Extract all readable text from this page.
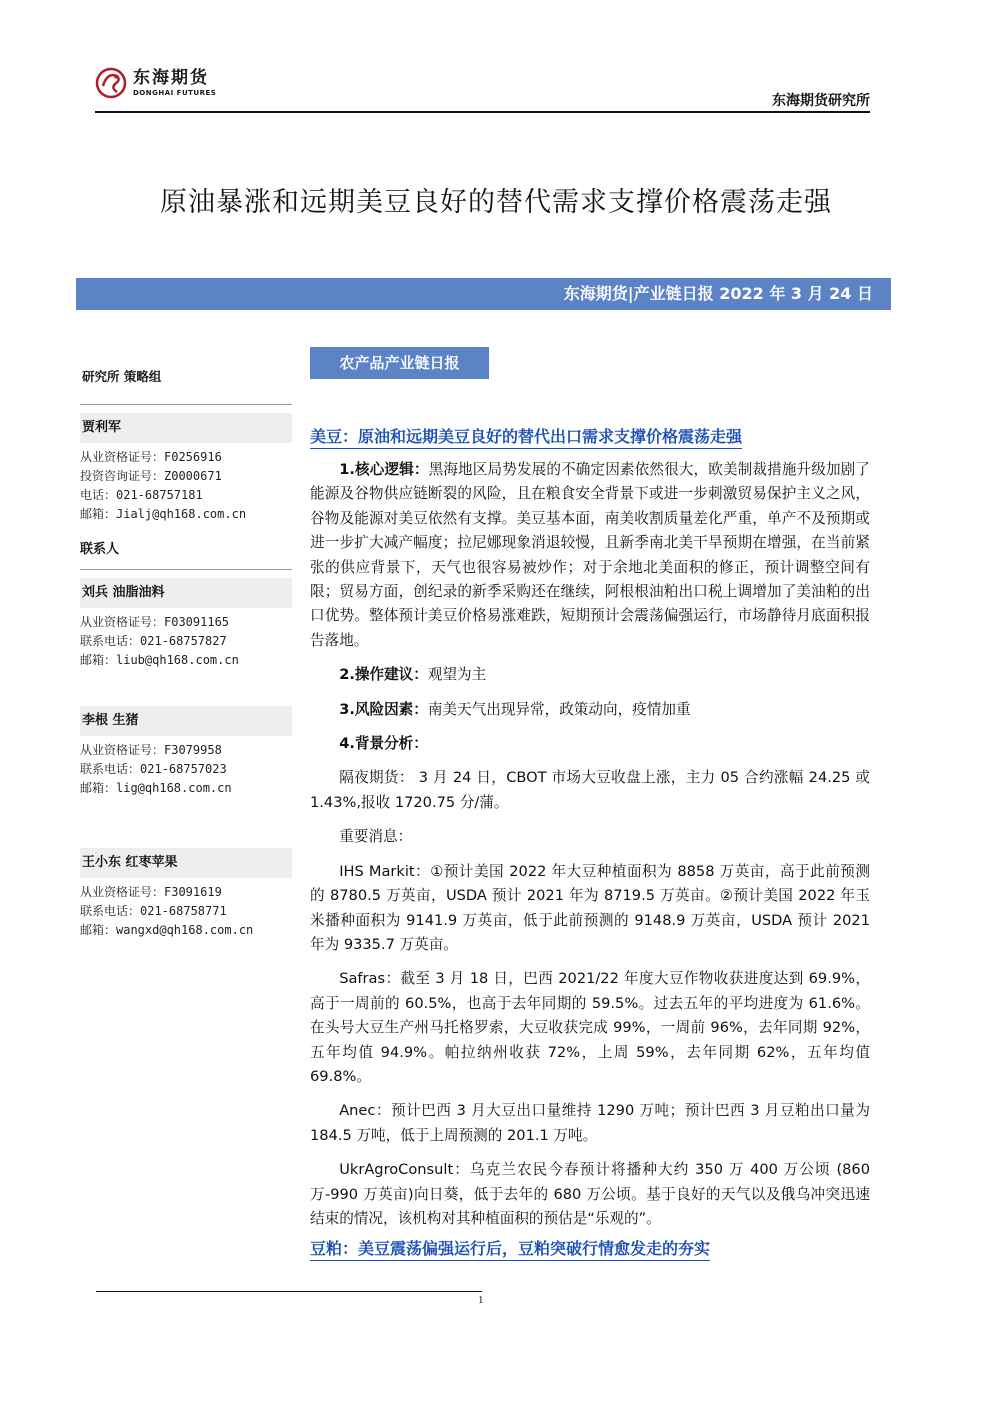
东海期货
DONGHAI FUTURES
东海期货研究所
原油暴涨和远期美豆良好的替代需求支撑价格震荡走强
东海期货|产业链日报 2022 年 3 月 24 日
研究所 策略组
贾利军
从业资格证号：F0256916
投资咨询证号：Z0000671
电话：021-68757181
邮箱：Jialj@qh168.com.cn
联系人
刘兵 油脂油料
从业资格证号：F03091165
联系电话：021-68757827
邮箱：liub@qh168.com.cn
李根 生猪
从业资格证号：F3079958
联系电话：021-68757023
邮箱：lig@qh168.com.cn
王小东 红枣苹果
从业资格证号：F3091619
联系电话：021-68758771
邮箱：wangxd@qh168.com.cn
农产品产业链日报
美豆：原油和远期美豆良好的替代出口需求支撑价格震荡走强

1.核心逻辑：黑海地区局势发展的不确定因素依然很大，欧美制裁措施升级加剧了能源及谷物供应链断裂的风险，且在粮食安全背景下或进一步刺激贸易保护主义之风，谷物及能源对美豆依然有支撑。美豆基本面，南美收割质量差化严重，单产不及预期或进一步扩大减产幅度；拉尼娜现象消退较慢，且新季南北美干旱预期在增强，在当前紧张的供应背景下，天气也很容易被炒作；对于余地北美面积的修正，预计调整空间有限；贸易方面，创纪录的新季采购还在继续，阿根根油粕出口税上调增加了美油粕的出口优势。整体预计美豆价格易涨难跌，短期预计会震荡偏强运行，市场静待月底面积报告落地。

2.操作建议：观望为主

3.风险因素：南美天气出现异常，政策动向，疫情加重

4.背景分析：

隔夜期货： 3 月 24 日，CBOT 市场大豆收盘上涨，主力 05 合约涨幅 24.25 或 1.43%,报收 1720.75 分/蒲。

重要消息：

IHS Markit：①预计美国 2022 年大豆种植面积为 8858 万英亩，高于此前预测的 8780.5 万英亩，USDA 预计 2021 年为 8719.5 万英亩。②预计美国 2022 年玉米播种面积为 9141.9 万英亩，低于此前预测的 9148.9 万英亩，USDA 预计 2021 年为 9335.7 万英亩。

Safras：截至 3 月 18 日，巴西 2021/22 年度大豆作物收获进度达到 69.9%，高于一周前的 60.5%，也高于去年同期的 59.5%。过去五年的平均进度为 61.6%。在头号大豆生产州马托格罗索，大豆收获完成 99%，一周前 96%，去年同期 92%，五年均值 94.9%。帕拉纳州收获 72%，上周 59%，去年同期 62%，五年均值 69.8%。

Anec：预计巴西 3 月大豆出口量维持 1290 万吨；预计巴西 3 月豆粕出口量为 184.5 万吨，低于上周预测的 201.1 万吨。

UkrAgroConsult：乌克兰农民今春预计将播种大约 350 万 400 万公顷 (860 万-990 万英亩)向日葵，低于去年的 680 万公顷。基于良好的天气以及俄乌冲突迅速结束的情况，该机构对其种植面积的预估是“乐观的”。

豆粕：美豆震荡偏强运行后，豆粕突破行情愈发走的夯实
1
